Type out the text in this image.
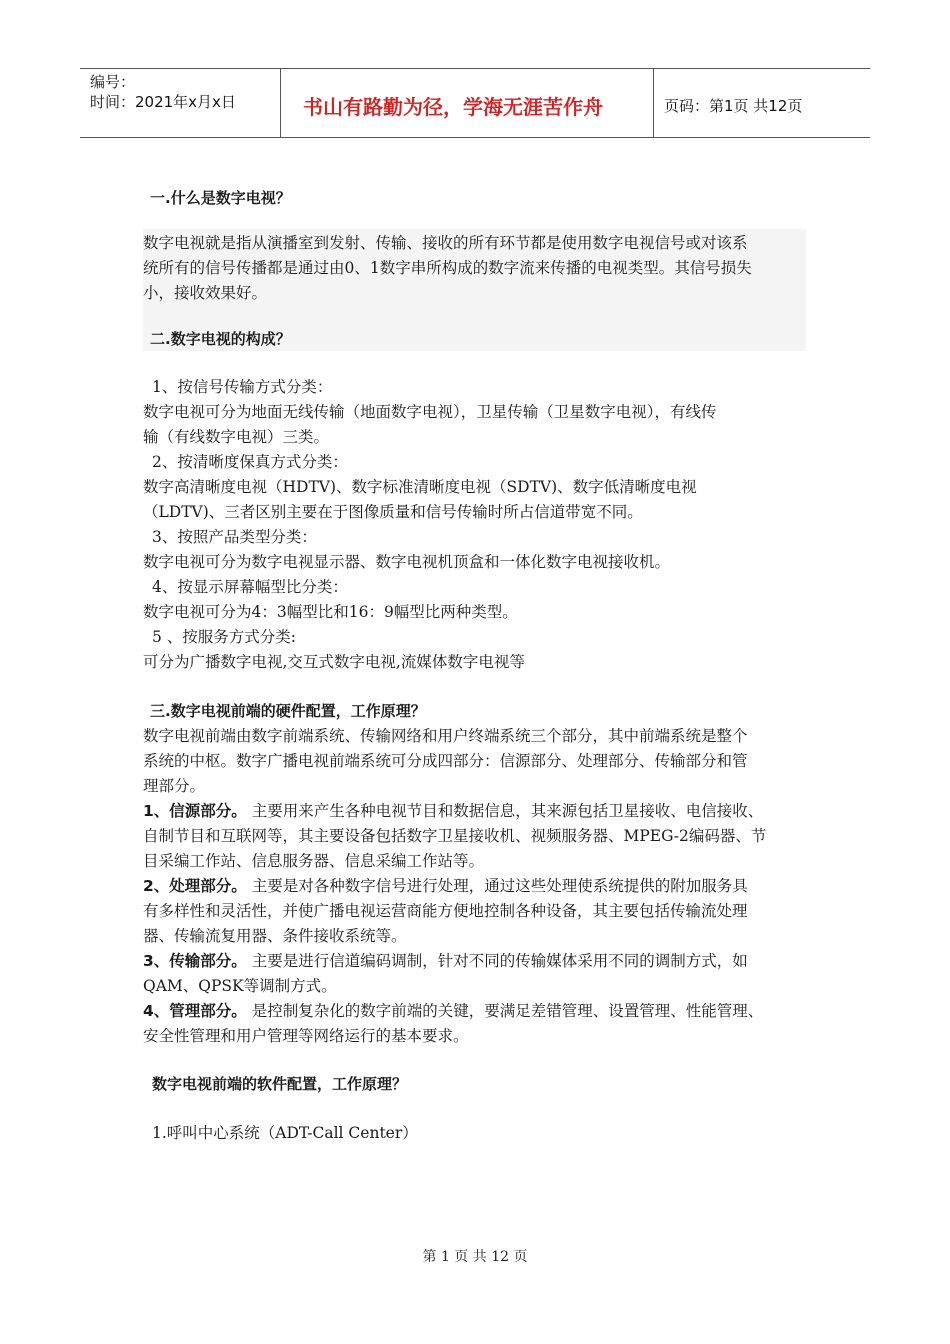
编号：
时间：2021年x月x日	书山有路勤为径，学海无涯苦作舟	页码：第1页 共12页
一.什么是数字电视？
数字电视就是指从演播室到发射、传输、接收的所有环节都是使用数字电视信号或对该系
统所有的信号传播都是通过由0、1数字串所构成的数字流来传播的电视类型。其信号损失
小，接收效果好。
二.数字电视的构成？
1、按信号传输方式分类：
数字电视可分为地面无线传输（地面数字电视），卫星传输（卫星数字电视），有线传
输（有线数字电视）三类。
2、按清晰度保真方式分类：
数字高清晰度电视（HDTV)、数字标准清晰度电视（SDTV)、数字低清晰度电视
（LDTV)、三者区别主要在于图像质量和信号传输时所占信道带宽不同。
3、按照产品类型分类：
数字电视可分为数字电视显示器、数字电视机顶盒和一体化数字电视接收机。
4、按显示屏幕幅型比分类：
数字电视可分为4：3幅型比和16：9幅型比两种类型。
5 、按服务方式分类:
可分为广播数字电视,交互式数字电视,流媒体数字电视等
三.数字电视前端的硬件配置，工作原理？
数字电视前端由数字前端系统、传输网络和用户终端系统三个部分，其中前端系统是整个
系统的中枢。数字广播电视前端系统可分成四部分：信源部分、处理部分、传输部分和管
理部分。
1、信源部分。 主要用来产生各种电视节目和数据信息，其来源包括卫星接收、电信接收、
自制节目和互联网等，其主要设备包括数字卫星接收机、视频服务器、MPEG-2编码器、节
目采编工作站、信息服务器、信息采编工作站等。
2、处理部分。 主要是对各种数字信号进行处理，通过这些处理使系统提供的附加服务具
有多样性和灵活性，并使广播电视运营商能方便地控制各种设备，其主要包括传输流处理
器、传输流复用器、条件接收系统等。
3、传输部分。 主要是进行信道编码调制，针对不同的传输媒体采用不同的调制方式，如
QAM、QPSK等调制方式。
4、管理部分。 是控制复杂化的数字前端的关键，要满足差错管理、设置管理、性能管理、
安全性管理和用户管理等网络运行的基本要求。
数字电视前端的软件配置，工作原理？
1.呼叫中心系统（ADT-Call Center）
第 1 页 共 12 页
